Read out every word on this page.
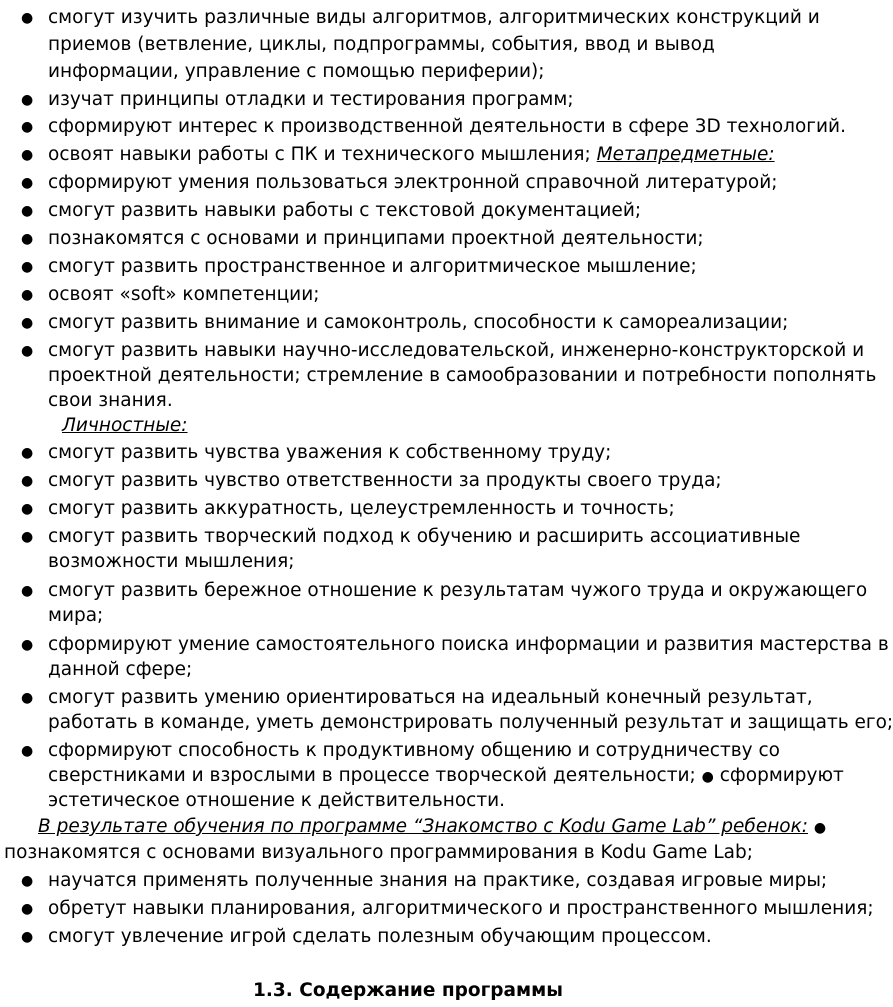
● смогут изучить различные виды алгоритмов, алгоритмических конструкций и
приемов (ветвление, циклы, подпрограммы, события, ввод и вывод
информации, управление с помощью периферии);
● изучат принципы отладки и тестирования программ;
● сформируют интерес к производственной деятельности в сфере 3D технологий.
● освоят навыки работы с ПК и технического мышления; Метапредметные:
● сформируют умения пользоваться электронной справочной литературой;
● смогут развить навыки работы с текстовой документацией;
● познакомятся с основами и принципами проектной деятельности;
● смогут развить пространственное и алгоритмическое мышление;
● освоят «soft» компетенции;
● смогут развить внимание и самоконтроль, способности к самореализации;
● смогут развить навыки научно-исследовательской, инженерно-конструкторской и
проектной деятельности; стремление в самообразовании и потребности пополнять
свои знания.
Личностные:
● смогут развить чувства уважения к собственному труду;
● смогут развить чувство ответственности за продукты своего труда;
● смогут развить аккуратность, целеустремленность и точность;
● смогут развить творческий подход к обучению и расширить ассоциативные
возможности мышления;
● смогут развить бережное отношение к результатам чужого труда и окружающего
мира;
● сформируют умение самостоятельного поиска информации и развития мастерства в
данной сфере;
● смогут развить умению ориентироваться на идеальный конечный результат,
работать в команде, уметь демонстрировать полученный результат и защищать его;
● сформируют способность к продуктивному общению и сотрудничеству со
сверстниками и взрослыми в процессе творческой деятельности; ● сформируют
эстетическое отношение к действительности.
В результате обучения по программе “Знакомство с Kodu Game Lab” ребенок: ●
познакомятся с основами визуального программирования в Kodu Game Lab;
● научатся применять полученные знания на практике, создавая игровые миры;
● обретут навыки планирования, алгоритмического и пространственного мышления;
● смогут увлечение игрой сделать полезным обучающим процессом.
1.3. Содержание программы
